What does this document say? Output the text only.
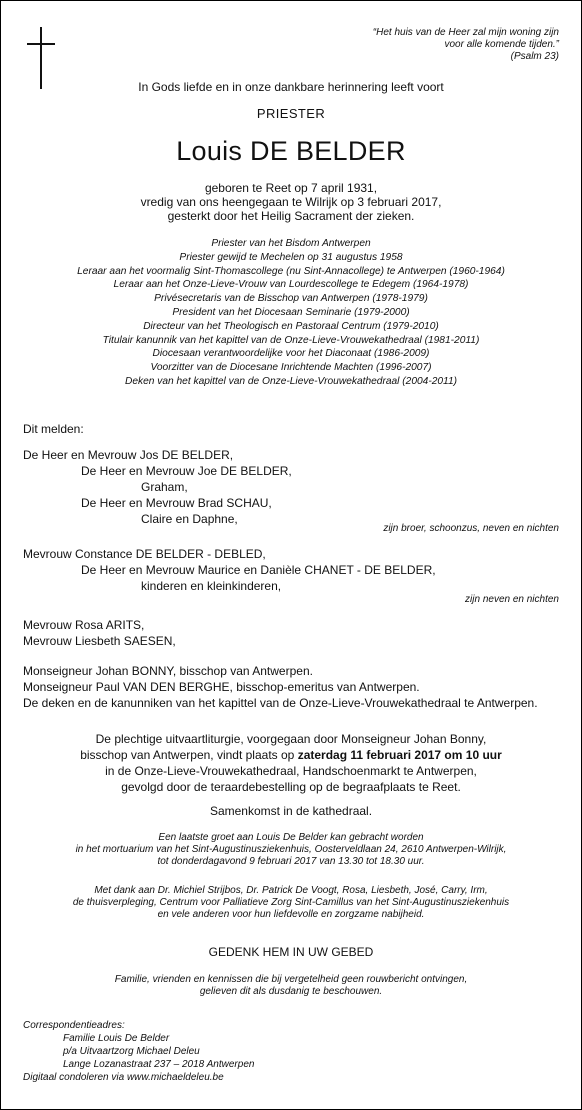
“Het huis van de Heer zal mijn woning zijn
voor alle komende tijden.”
(Psalm 23)

In Gods liefde en in onze dankbare herinnering leeft voort

PRIESTER

Louis DE BELDER

geboren te Reet op 7 april 1931,
vredig van ons heengegaan te Wilrijk op 3 februari 2017,
gesterkt door het Heilig Sacrament der zieken.
Priester van het Bisdom Antwerpen
Priester gewijd te Mechelen op 31 augustus 1958
Leraar aan het voormalig Sint-Thomascollege (nu Sint-Annacollege) te Antwerpen (1960-1964)
Leraar aan het Onze-Lieve-Vrouw van Lourdescollege te Edegem (1964-1978)
Privésecretaris van de Bisschop van Antwerpen (1978-1979)
President van het Diocesaan Seminarie (1979-2000)
Directeur van het Theologisch en Pastoraal Centrum (1979-2010)
Titulair kanunnik van het kapittel van de Onze-Lieve-Vrouwekathedraal (1981-2011)
Diocesaan verantwoordelijke voor het Diaconaat (1986-2009)
Voorzitter van de Diocesane Inrichtende Machten (1996-2007)
Deken van het kapittel van de Onze-Lieve-Vrouwekathedraal (2004-2011)

Dit melden:

De Heer en Mevrouw Jos DE BELDER,
De Heer en Mevrouw Joe DE BELDER,
Graham,
De Heer en Mevrouw Brad SCHAU,
Claire en Daphne,
zijn broer, schoonzus, neven en nichten
Mevrouw Constance DE BELDER - DEBLED,
De Heer en Mevrouw Maurice en Danièle CHANET - DE BELDER,
kinderen en kleinkinderen,
zijn neven en nichten
Mevrouw Rosa ARITS,
Mevrouw Liesbeth SAESEN,
Monseigneur Johan BONNY, bisschop van Antwerpen.
Monseigneur Paul VAN DEN BERGHE, bisschop-emeritus van Antwerpen.
De deken en de kanunniken van het kapittel van de Onze-Lieve-Vrouwekathedraal te Antwerpen.
De plechtige uitvaartliturgie, voorgegaan door Monseigneur Johan Bonny,
bisschop van Antwerpen, vindt plaats op zaterdag 11 februari 2017 om 10 uur
in de Onze-Lieve-Vrouwekathedraal, Handschoenmarkt te Antwerpen,
gevolgd door de teraardebestelling op de begraafplaats te Reet.

Samenkomst in de kathedraal.

Een laatste groet aan Louis De Belder kan gebracht worden
in het mortuarium van het Sint-Augustinusziekenhuis, Oosterveldlaan 24, 2610 Antwerpen-Wilrijk,
tot donderdagavond 9 februari 2017 van 13.30 tot 18.30 uur.
Met dank aan Dr. Michiel Strijbos, Dr. Patrick De Voogt, Rosa, Liesbeth, José, Carry, Irm,
de thuisverpleging, Centrum voor Palliatieve Zorg Sint-Camillus van het Sint-Augustinusziekenhuis
en vele anderen voor hun liefdevolle en zorgzame nabijheid.

GEDENK HEM IN UW GEBED

Familie, vrienden en kennissen die bij vergetelheid geen rouwbericht ontvingen,
gelieven dit als dusdanig te beschouwen.
Correspondentieadres:
Familie Louis De Belder
p/a Uitvaartzorg Michael Deleu
Lange Lozanastraat 237 – 2018 Antwerpen
Digitaal condoleren via www.michaeldeleu.be
